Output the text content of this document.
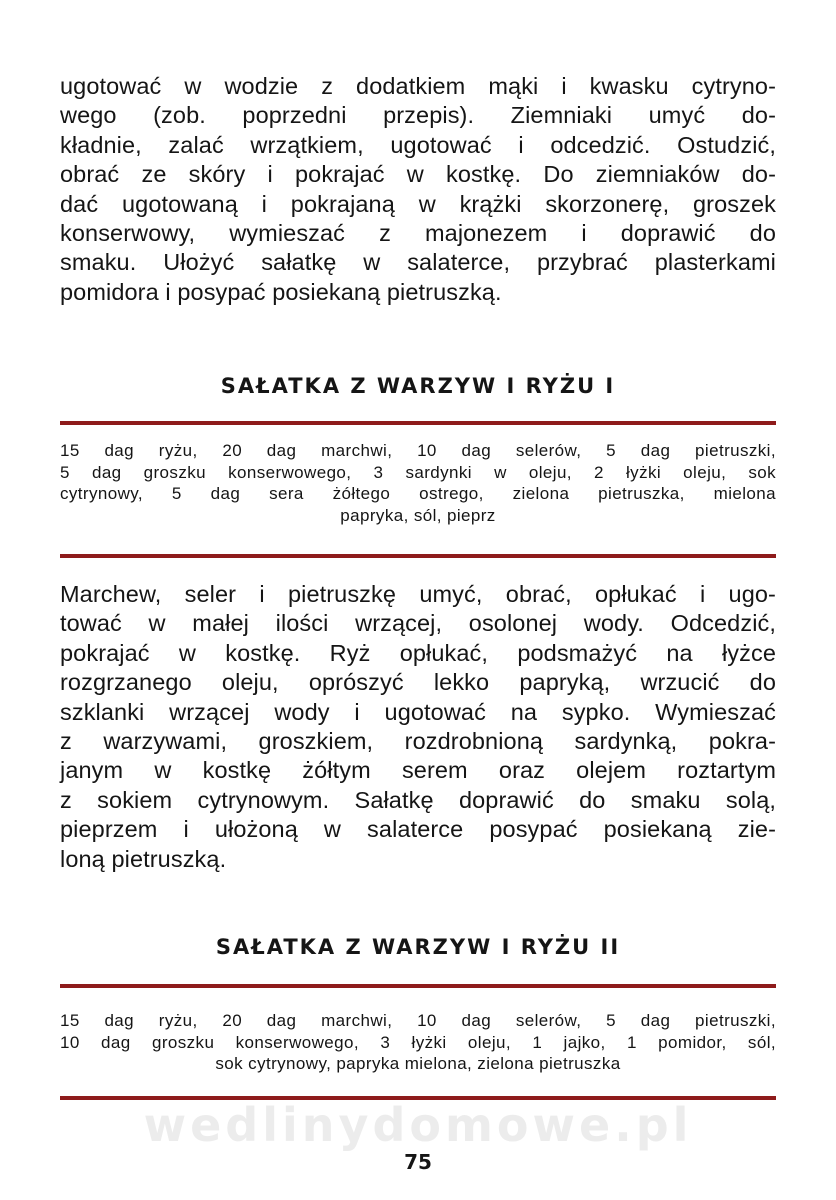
ugotować w wodzie z dodatkiem mąki i kwasku cytryno-
wego (zob. poprzedni przepis). Ziemniaki umyć do-
kładnie, zalać wrzątkiem, ugotować i odcedzić. Ostudzić,
obrać ze skóry i pokrajać w kostkę. Do ziemniaków do-
dać ugotowaną i pokrajaną w krążki skorzonerę, groszek
konserwowy, wymieszać z majonezem i doprawić do
smaku. Ułożyć sałatkę w salaterce, przybrać plasterkami
pomidora i posypać posiekaną pietruszką.
SAŁATKA Z WARZYW I RYŻU I
15 dag ryżu, 20 dag marchwi, 10 dag selerów, 5 dag pietruszki,
5 dag groszku konserwowego, 3 sardynki w oleju, 2 łyżki oleju, sok
cytrynowy, 5 dag sera żółtego ostrego, zielona pietruszka, mielona
papryka, sól, pieprz
Marchew, seler i pietruszkę umyć, obrać, opłukać i ugo-
tować w małej ilości wrzącej, osolonej wody. Odcedzić,
pokrajać w kostkę. Ryż opłukać, podsmażyć na łyżce
rozgrzanego oleju, oprószyć lekko papryką, wrzucić do
szklanki wrzącej wody i ugotować na sypko. Wymieszać
z warzywami, groszkiem, rozdrobnioną sardynką, pokra-
janym w kostkę żółtym serem oraz olejem roztartym
z sokiem cytrynowym. Sałatkę doprawić do smaku solą,
pieprzem i ułożoną w salaterce posypać posiekaną zie-
loną pietruszką.
SAŁATKA Z WARZYW I RYŻU II
15 dag ryżu, 20 dag marchwi, 10 dag selerów, 5 dag pietruszki,
10 dag groszku konserwowego, 3 łyżki oleju, 1 jajko, 1 pomidor, sól,
sok cytrynowy, papryka mielona, zielona pietruszka
wedlinydomowe.pl
75
